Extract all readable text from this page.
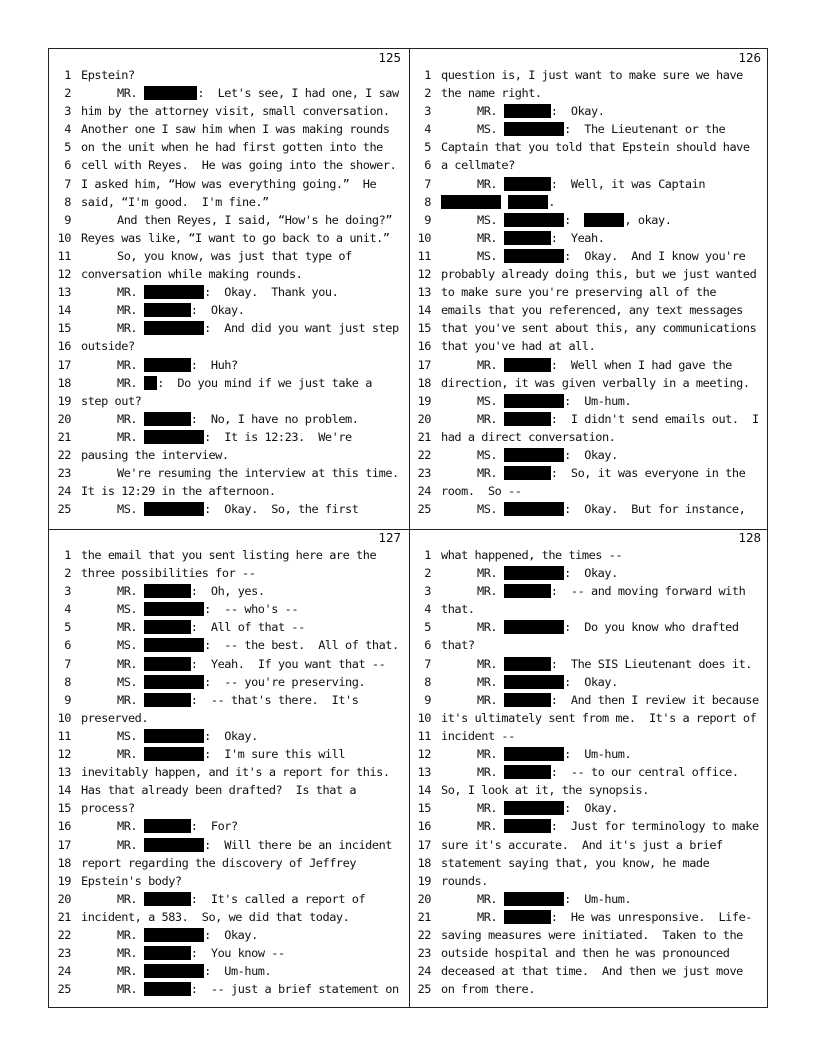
125
1 Epstein?
2	MR.	:  Let's see, I had one, I saw
3 him by the attorney visit, small conversation.
4 Another one I saw him when I was making rounds
5 on the unit when he had first gotten into the
6 cell with Reyes.  He was going into the shower.
7 I asked him, “How was everything going.”  He
8 said, “I'm good.  I'm fine.”
9	And then Reyes, I said, “How's he doing?”
10 Reyes was like, “I want to go back to a unit.”
11	So, you know, was just that type of
12 conversation while making rounds.
13	MR.	:  Okay.  Thank you.
14	MR.	:  Okay.
15	MR.	:  And did you want just step
16 outside?
17	MR.	:  Huh?
18	MR. :  Do you mind if we just take a
19 step out?
20	MR.	:  No, I have no problem.
21	MR.	:  It is 12:23.  We're
22 pausing the interview.
23	We're resuming the interview at this time.
24 It is 12:29 in the afternoon.
25	MS.	:  Okay.  So, the first
126
1 question is, I just want to make sure we have
2 the name right.
3	MR.	:  Okay.
4	MS.	:  The Lieutenant or the
5 Captain that you told that Epstein should have
6 a cellmate?
7	MR.	:  Well, it was Captain
8	.
9	MS.	:	, okay.
10	MR.	:  Yeah.
11	MS.	:  Okay.  And I know you're
12 probably already doing this, but we just wanted
13 to make sure you're preserving all of the
14 emails that you referenced, any text messages
15 that you've sent about this, any communications
16 that you've had at all.
17	MR.	:  Well when I had gave the
18 direction, it was given verbally in a meeting.
19	MS.	:  Um-hum.
20	MR.	:  I didn't send emails out.  I
21 had a direct conversation.
22	MS.	:  Okay.
23	MR.	:  So, it was everyone in the
24 room.  So --
25	MS.	:  Okay.  But for instance,
127
1 the email that you sent listing here are the
2 three possibilities for --
3	MR.	:  Oh, yes.
4	MS.	:  -- who's --
5	MR.	:  All of that --
6	MS.	:  -- the best.  All of that.
7	MR.	:  Yeah.  If you want that --
8	MS.	:  -- you're preserving.
9	MR.	:  -- that's there.  It's
10 preserved.
11	MS.	:  Okay.
12	MR.	:  I'm sure this will
13 inevitably happen, and it's a report for this.
14 Has that already been drafted?  Is that a
15 process?
16	MR.	:  For?
17	MR.	:  Will there be an incident
18 report regarding the discovery of Jeffrey
19 Epstein's body?
20	MR.	:  It's called a report of
21 incident, a 583.  So, we did that today.
22	MR.	:  Okay.
23	MR.	:  You know --
24	MR.	:  Um-hum.
25	MR.	:  -- just a brief statement on
128
1 what happened, the times --
2	MR.	:  Okay.
3	MR.	:  -- and moving forward with
4 that.
5	MR.	:  Do you know who drafted
6 that?
7	MR.	:  The SIS Lieutenant does it.
8	MR.	:  Okay.
9	MR.	:  And then I review it because
10 it's ultimately sent from me.  It's a report of
11 incident --
12	MR.	:  Um-hum.
13	MR.	:  -- to our central office.
14 So, I look at it, the synopsis.
15	MR.	:  Okay.
16	MR.	:  Just for terminology to make
17 sure it's accurate.  And it's just a brief
18 statement saying that, you know, he made
19 rounds.
20	MR.	:  Um-hum.
21	MR.	:  He was unresponsive.  Life-
22 saving measures were initiated.  Taken to the
23 outside hospital and then he was pronounced
24 deceased at that time.  And then we just move
25 on from there.
